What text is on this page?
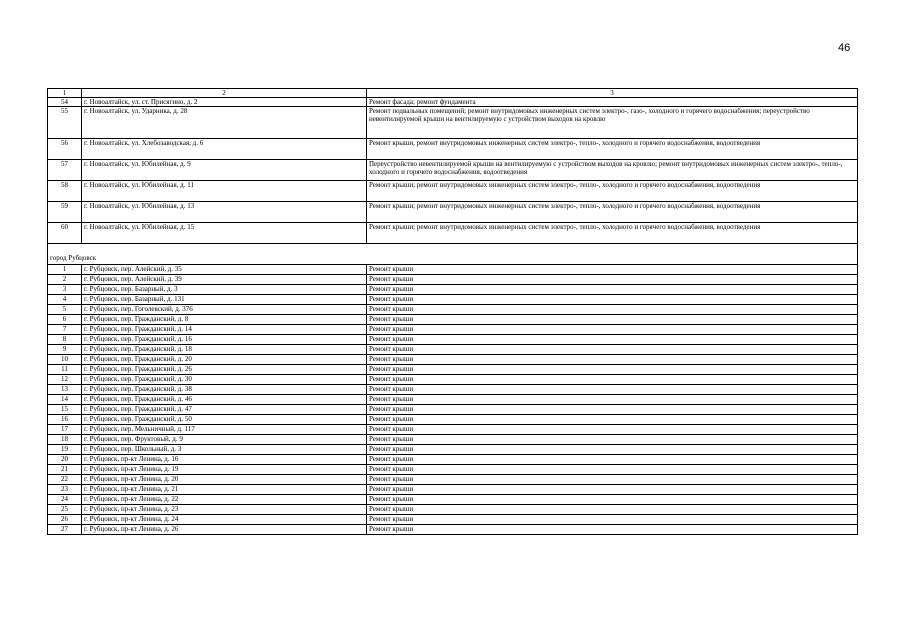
46
1	2	3
54	г. Новоалтайск, ул. ст. Присягино, д. 2	Ремонт фасада; ремонт фундамента
55	г. Новоалтайск, ул. Ударника, д. 28	Ремонт подвальных помещений; ремонт внутридомовых инженерных систем электро-, газо-, холодного и горячего водоснабжения; переустройство невентилируемой крыши на вентилируемую с устройством выходов на кровлю
56	г. Новоалтайск, ул. Хлебозаводская, д. 6	Ремонт крыши, ремонт внутридомовых инженерных систем электро-, тепло-, холодного и горячего водоснабжения, водоотведения
57	г. Новоалтайск, ул. Юбилейная, д. 9	Переустройство невентилируемой крыши на вентилируемую с устройством выходов на кровлю; ремонт внутридомовых инженерных систем электро-, тепло-, холодного и горячего водоснабжения, водоотведения
58	г. Новоалтайск, ул. Юбилейная, д. 11	Ремонт крыши; ремонт внутридомовых инженерных систем электро-, тепло-, холодного и горячего водоснабжения, водоотведения
59	г. Новоалтайск, ул. Юбилейная, д. 13	Ремонт крыши; ремонт внутридомовых инженерных систем электро-, тепло-, холодного и горячего водоснабжения, водоотведения
60	г. Новоалтайск, ул. Юбилейная, д. 15	Ремонт крыши; ремонт внутридомовых инженерных систем электро-, тепло-, холодного и горячего водоснабжения, водоотведения
город Рубцовск		
1	г. Рубцовск, пер. Алейский, д. 35	Ремонт крыши
2	г. Рубцовск, пер. Алейский, д. 39	Ремонт крыши
3	г. Рубцовск, пер. Базарный, д. 3	Ремонт крыши
4	г. Рубцовск, пер. Базарный, д. 131	Ремонт крыши
5	г. Рубцовск, пер. Гоголевский, д. 376	Ремонт крыши
6	г. Рубцовск, пер. Гражданский, д. 8	Ремонт крыши
7	г. Рубцовск, пер. Гражданский, д. 14	Ремонт крыши
8	г. Рубцовск, пер. Гражданский, д. 16	Ремонт крыши
9	г. Рубцовск, пер. Гражданский, д. 18	Ремонт крыши
10	г. Рубцовск, пер. Гражданский, д. 20	Ремонт крыши
11	г. Рубцовск, пер. Гражданский, д. 26	Ремонт крыши
12	г. Рубцовск, пер. Гражданский, д. 30	Ремонт крыши
13	г. Рубцовск, пер. Гражданский, д. 38	Ремонт крыши
14	г. Рубцовск, пер. Гражданский, д. 46	Ремонт крыши
15	г. Рубцовск, пер. Гражданский, д. 47	Ремонт крыши
16	г. Рубцовск, пер. Гражданский, д. 50	Ремонт крыши
17	г. Рубцовск, пер. Мельничный, д. 117	Ремонт крыши
18	г. Рубцовск, пер. Фруктовый, д. 9	Ремонт крыши
19	г. Рубцовск, пер. Школьный, д. 3	Ремонт крыши
20	г. Рубцовск, пр-кт Ленина, д. 16	Ремонт крыши
21	г. Рубцовск, пр-кт Ленина, д. 19	Ремонт крыши
22	г. Рубцовск, пр-кт Ленина, д. 20	Ремонт крыши
23	г. Рубцовск, пр-кт Ленина, д. 21	Ремонт крыши
24	г. Рубцовск, пр-кт Ленина, д. 22	Ремонт крыши
25	г. Рубцовск, пр-кт Ленина, д. 23	Ремонт крыши
26	г. Рубцовск, пр-кт Ленина, д. 24	Ремонт крыши
27	г. Рубцовск, пр-кт Ленина, д. 26	Ремонт крыши
